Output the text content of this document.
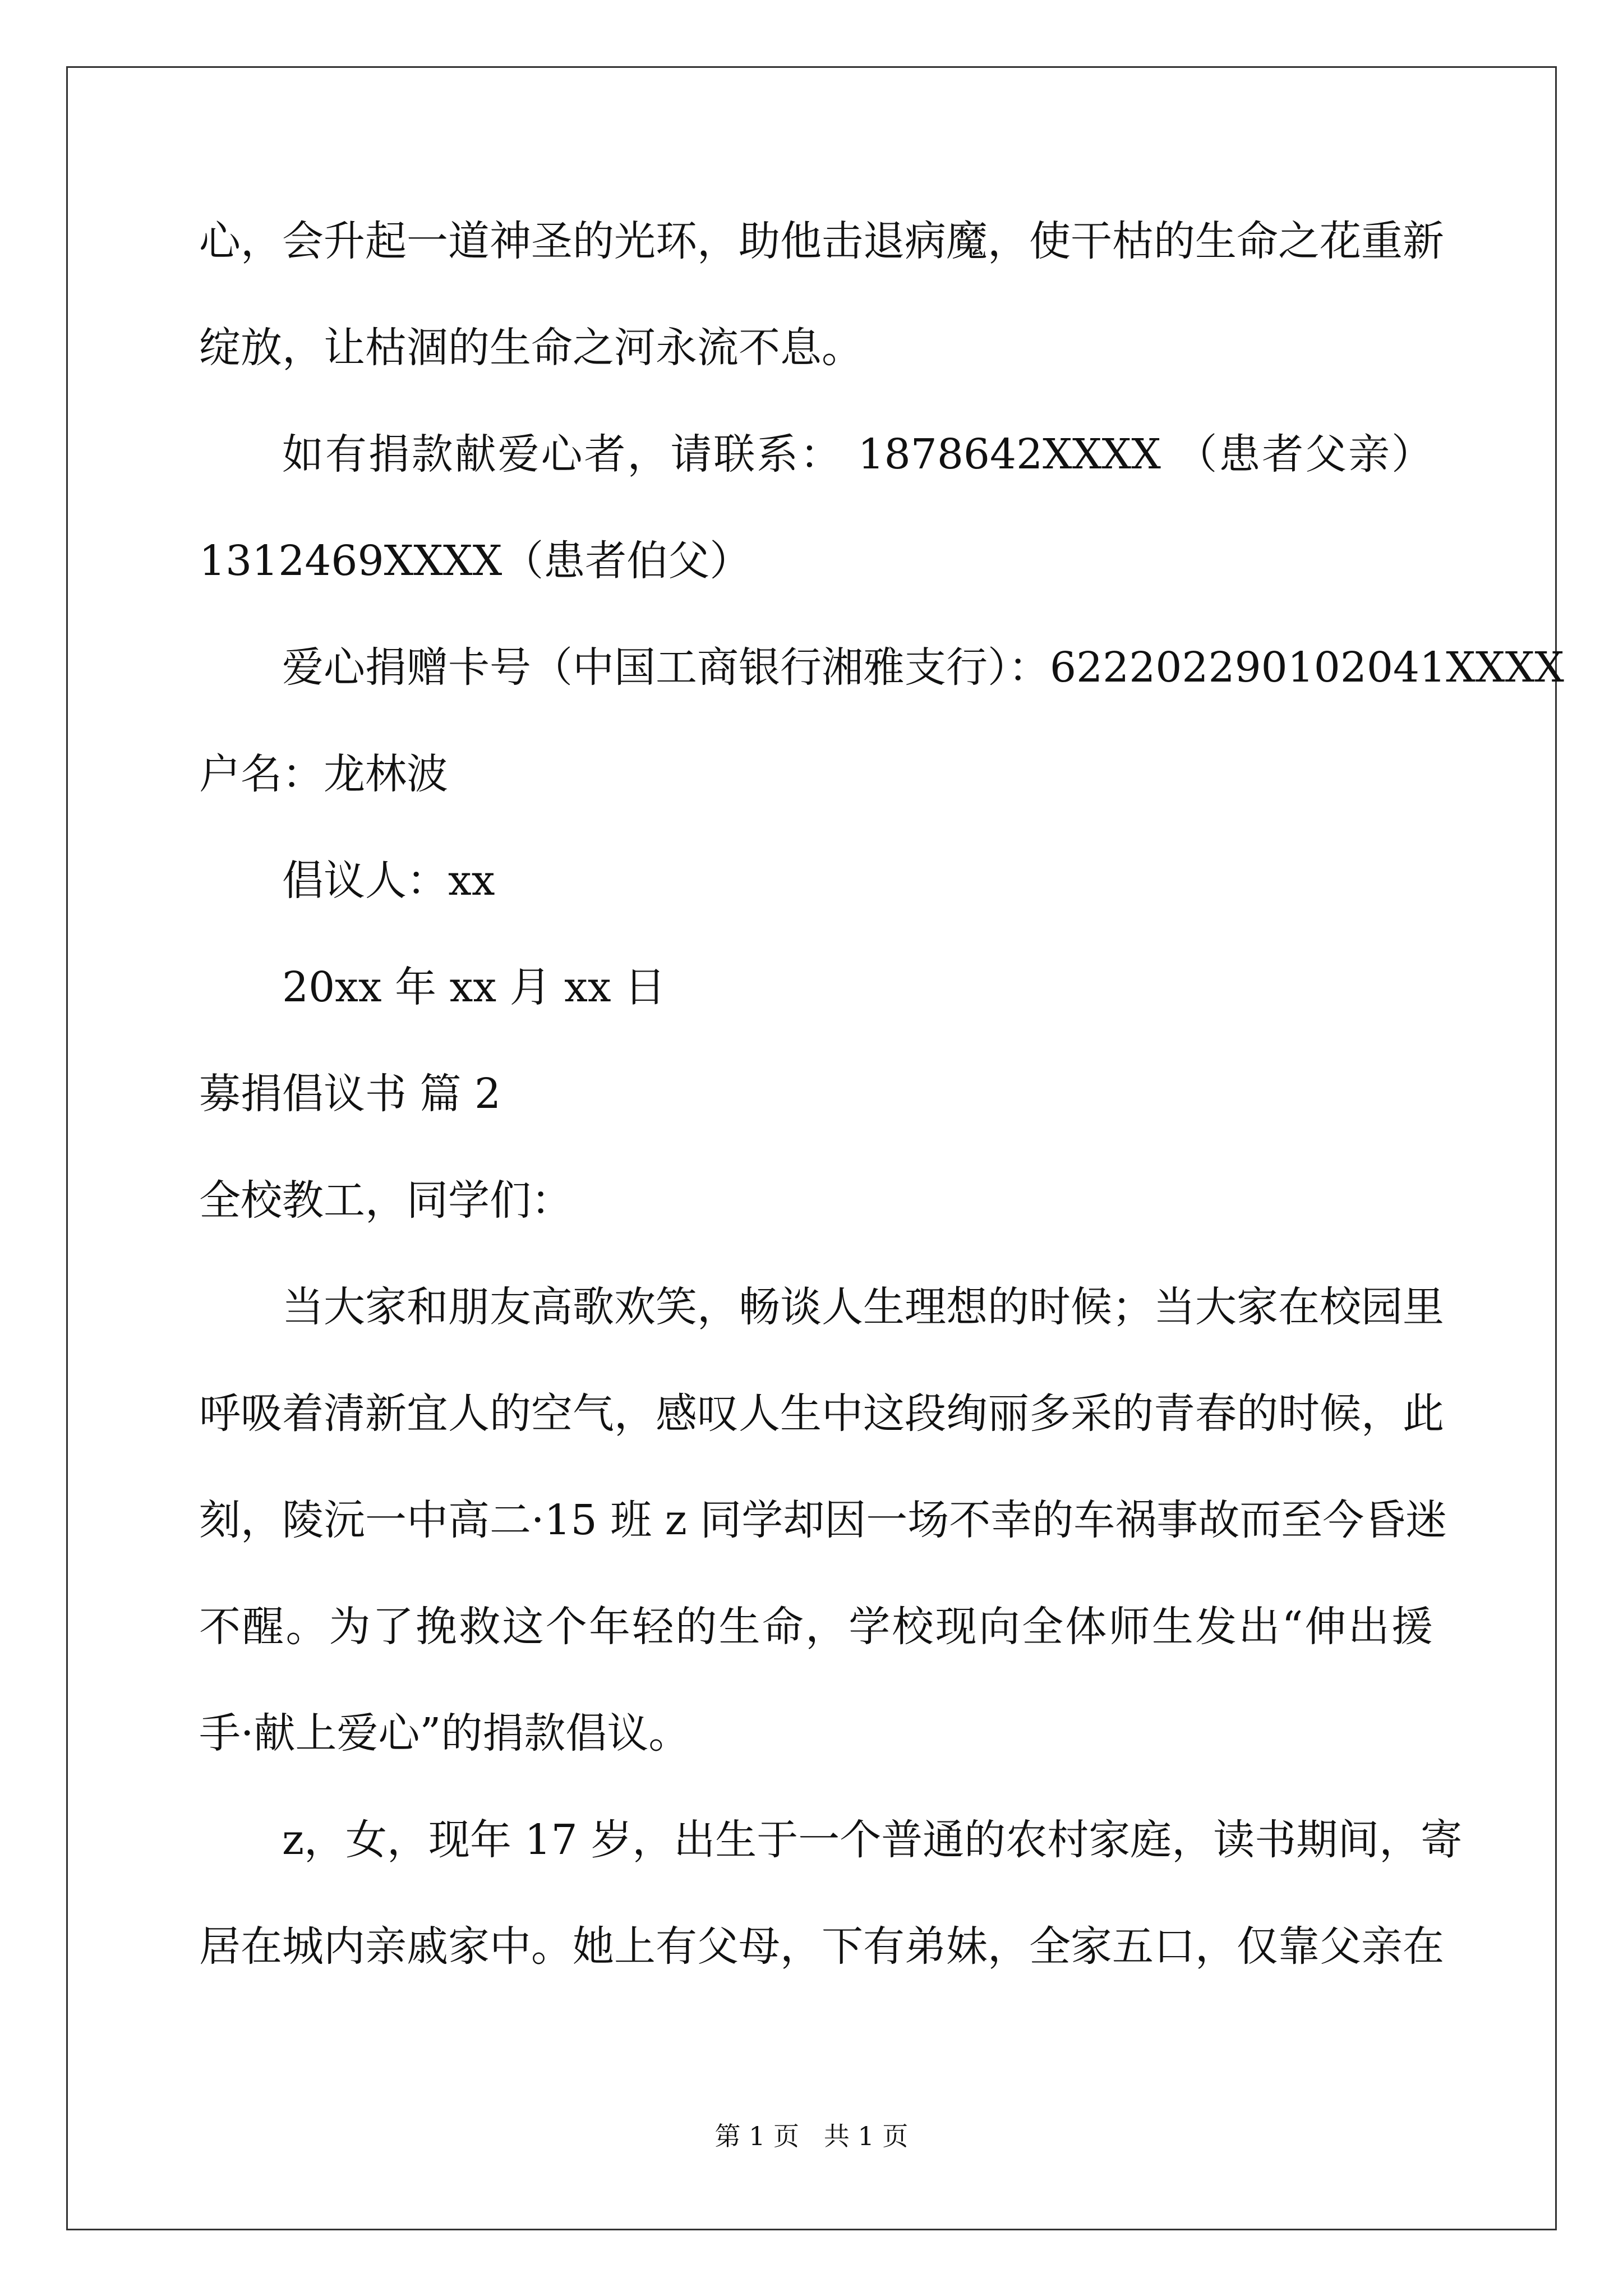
心，会升起一道神圣的光环，助他击退病魔，使干枯的生命之花重新
绽放，让枯涸的生命之河永流不息。
如有捐款献爱心者，请联系： 1878642XXXX （患者父亲）
1312469XXXX（患者伯父）
爱心捐赠卡号（中国工商银行湘雅支行）：622202290102041XXXX
户名：龙林波
倡议人：xx
20xx 年 xx 月 xx 日
募捐倡议书 篇 2
全校教工，同学们：
当大家和朋友高歌欢笑，畅谈人生理想的时候；当大家在校园里
呼吸着清新宜人的空气，感叹人生中这段绚丽多采的青春的时候，此
刻，陵沅一中高二·15 班 z 同学却因一场不幸的车祸事故而至今昏迷
不醒。为了挽救这个年轻的生命，学校现向全体师生发出“伸出援
手·献上爱心”的捐款倡议。
z，女，现年 17 岁，出生于一个普通的农村家庭，读书期间，寄
居在城内亲戚家中。她上有父母，下有弟妹，全家五口，仅靠父亲在
第 1 页   共 1 页
